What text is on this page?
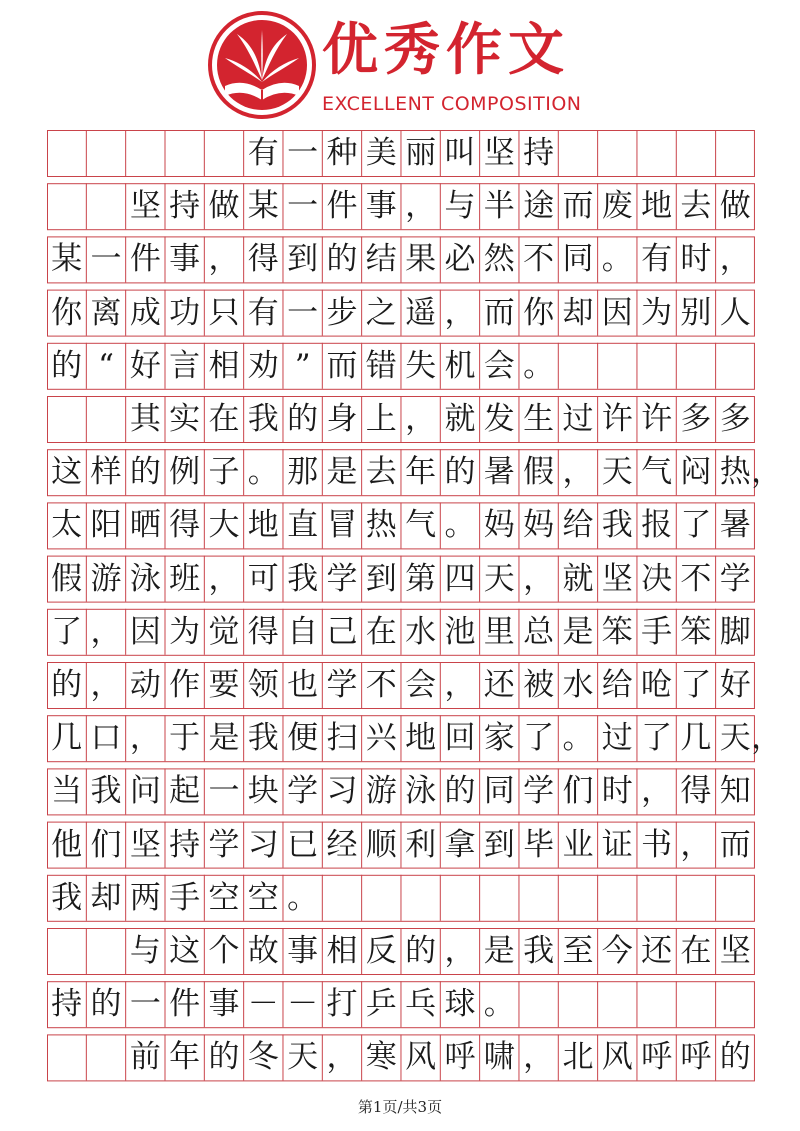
优秀作文
EXCELLENT COMPOSITION
有 一 种 美 丽 叫 坚 持
坚 持 做 某 一 件 事 ， 与 半 途 而 废 地 去 做
某 一 件 事 ， 得 到 的 结 果 必 然 不 同 。 有 时 ，
你 离 成 功 只 有 一 步 之 遥 ， 而 你 却 因 为 别 人
的 “ 好 言 相 劝 ” 而 错 失 机 会 。
其 实 在 我 的 身 上 ， 就 发 生 过 许 许 多 多
这 样 的 例 子 。 那 是 去 年 的 暑 假 ， 天 气 闷 热 ，
太 阳 晒 得 大 地 直 冒 热 气 。 妈 妈 给 我 报 了 暑
假 游 泳 班 ， 可 我 学 到 第 四 天 ， 就 坚 决 不 学
了 ， 因 为 觉 得 自 己 在 水 池 里 总 是 笨 手 笨 脚
的 ， 动 作 要 领 也 学 不 会 ， 还 被 水 给 呛 了 好
几 口 ， 于 是 我 便 扫 兴 地 回 家 了 。 过 了 几 天 ，
当 我 问 起 一 块 学 习 游 泳 的 同 学 们 时 ， 得 知
他 们 坚 持 学 习 已 经 顺 利 拿 到 毕 业 证 书 ， 而
我 却 两 手 空 空 。
与 这 个 故 事 相 反 的 ， 是 我 至 今 还 在 坚
持 的 一 件 事 － － 打 乒 乓 球 。
前 年 的 冬 天 ， 寒 风 呼 啸 ， 北 风 呼 呼 的
第1页/共3页
